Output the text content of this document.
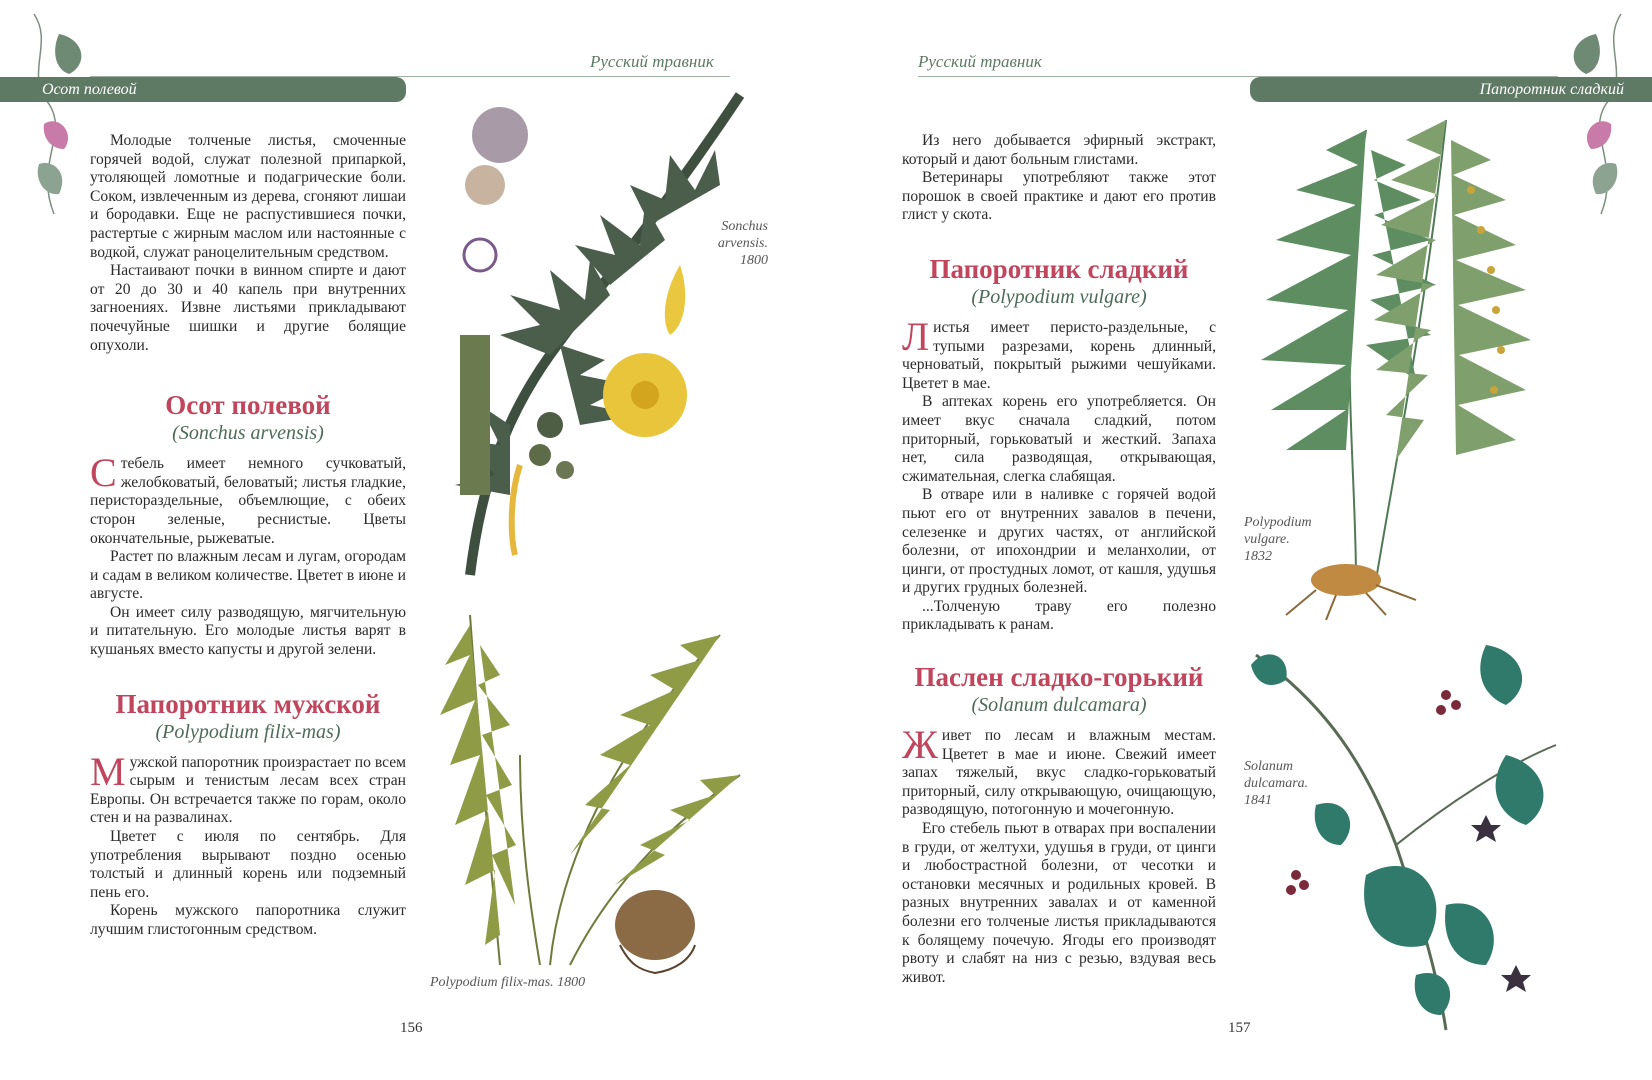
Русский травник
Осот полевой

Молодые толченые листья, смоченные горячей водой, служат полезной припаркой, утоляющей ломотные и подагрические боли. Соком, извлеченным из дерева, сгоняют лишаи и бородавки. Еще не распустившиеся почки, растертые с жирным маслом или настоянные с водкой, служат раноцелительным средством.

Настаивают почки в винном спирте и дают от 20 до 30 и 40 капель при внутренних загноениях. Извне листьями прикладывают почечуйные шишки и другие болящие опухоли.

Осот полевой
(Sonchus arvensis)

Стебель имеет немного сучковатый, желобковатый, беловатый; листья гладкие, перистораздельные, объемлющие, с обеих сторон зеленые, реснистые. Цветы окончательные, рыжеватые.

Растет по влажным лесам и лугам, огородам и садам в великом количестве. Цветет в июне и августе.

Он имеет силу разводящую, мягчительную и питательную. Его молодые листья варят в кушаньях вместо капусты и другой зелени.

Папоротник мужской
(Polypodium filix-mas)

Мужской папоротник произрастает по всем сырым и тенистым лесам всех стран Европы. Он встречается также по горам, около стен и на развалинах.

Цветет с июля по сентябрь. Для употребления вырывают поздно осенью толстый и длинный корень или подземный пень его.

Корень мужского папоротника служит лучшим глистогонным средством.

Sonchus
arvensis.
1800
Polypodium filix-mas. 1800
156
Русский травник
Папоротник сладкий

Из него добывается эфирный экстракт, который и дают больным глистами.

Ветеринары употребляют также этот порошок в своей практике и дают его против глист у скота.

Папоротник сладкий
(Polypodium vulgare)

Листья имеет перисто-раздельные, с тупыми разрезами, корень длинный, черноватый, покрытый рыжими чешуйками. Цветет в мае.

В аптеках корень его употребляется. Он имеет вкус сначала сладкий, потом приторный, горьковатый и жесткий. Запаха нет, сила разводящая, открывающая, сжимательная, слегка слабящая.

В отваре или в наливке с горячей водой пьют его от внутренних завалов в печени, селезенке и других частях, от английской болезни, от ипохондрии и меланхолии, от цинги, от простудных ломот, от кашля, удушья и других грудных болезней.

...Толченую траву его полезно прикладывать к ранам.

Паслен сладко-горький
(Solanum dulcamara)

Живет по лесам и влажным местам. Цветет в мае и июне. Свежий имеет запах тяжелый, вкус сладко-горьковатый приторный, силу открывающую, очищающую, разводящую, потогонную и мочегонную.

Его стебель пьют в отварах при воспалении в груди, от желтухи, удушья в груди, от цинги и любострастной болезни, от чесотки и остановки месячных и родильных кровей. В разных внутренних завалах и от каменной болезни его толченые листья прикладываются к болящему почечую. Ягоды его производят рвоту и слабят на низ с резью, вздувая весь живот.

Polypodium
vulgare.
1832
Solanum
dulcamara.
1841
157
